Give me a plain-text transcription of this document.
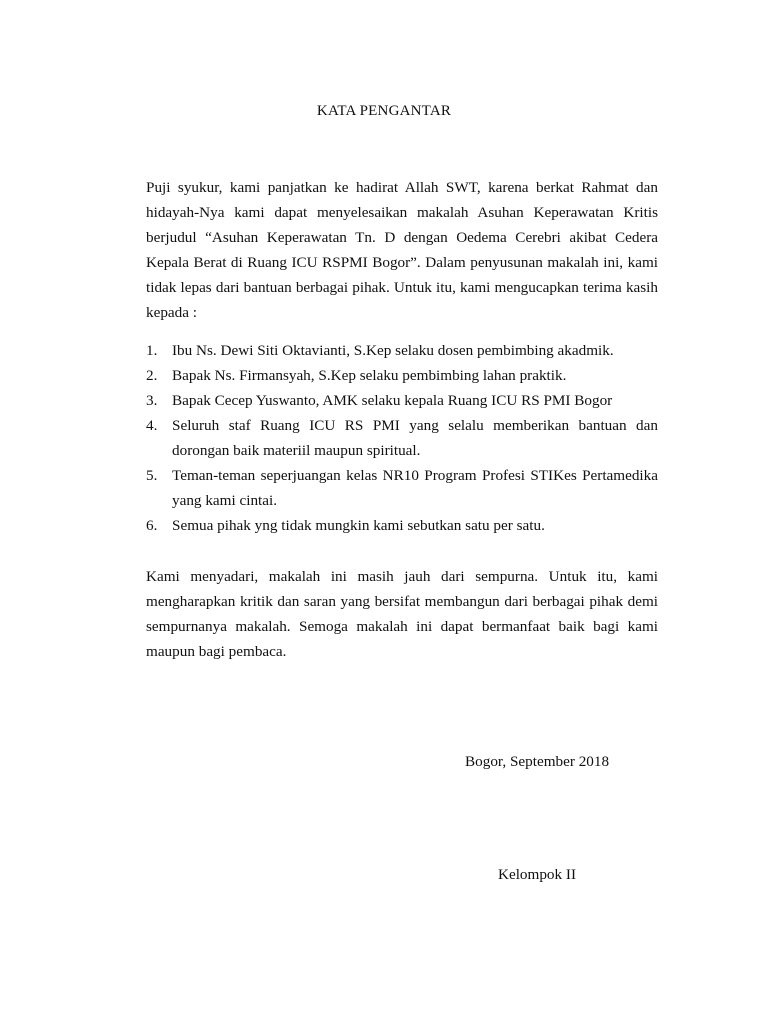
KATA PENGANTAR

Puji syukur, kami panjatkan ke hadirat Allah SWT, karena berkat Rahmat dan hidayah-Nya kami dapat menyelesaikan makalah Asuhan Keperawatan Kritis berjudul “Asuhan Keperawatan Tn. D dengan Oedema Cerebri akibat Cedera Kepala Berat di Ruang ICU RSPMI Bogor”. Dalam penyusunan makalah ini, kami tidak lepas dari bantuan berbagai pihak. Untuk itu, kami mengucapkan terima kasih kepada :

1. Ibu Ns. Dewi Siti Oktavianti, S.Kep selaku dosen pembimbing akadmik.
2. Bapak Ns. Firmansyah, S.Kep selaku pembimbing lahan praktik.
3. Bapak Cecep Yuswanto, AMK selaku kepala Ruang ICU RS PMI Bogor
4. Seluruh staf Ruang ICU RS PMI yang selalu memberikan bantuan dan dorongan baik materiil maupun spiritual.
5. Teman-teman seperjuangan kelas NR10 Program Profesi STIKes Pertamedika yang kami cintai.
6. Semua pihak yng tidak mungkin kami sebutkan satu per satu.

Kami menyadari, makalah ini masih jauh dari sempurna. Untuk itu, kami mengharapkan kritik dan saran yang bersifat membangun dari berbagai pihak demi sempurnanya makalah. Semoga makalah ini dapat bermanfaat baik bagi kami maupun bagi pembaca.

Bogor, September 2018

Kelompok II
